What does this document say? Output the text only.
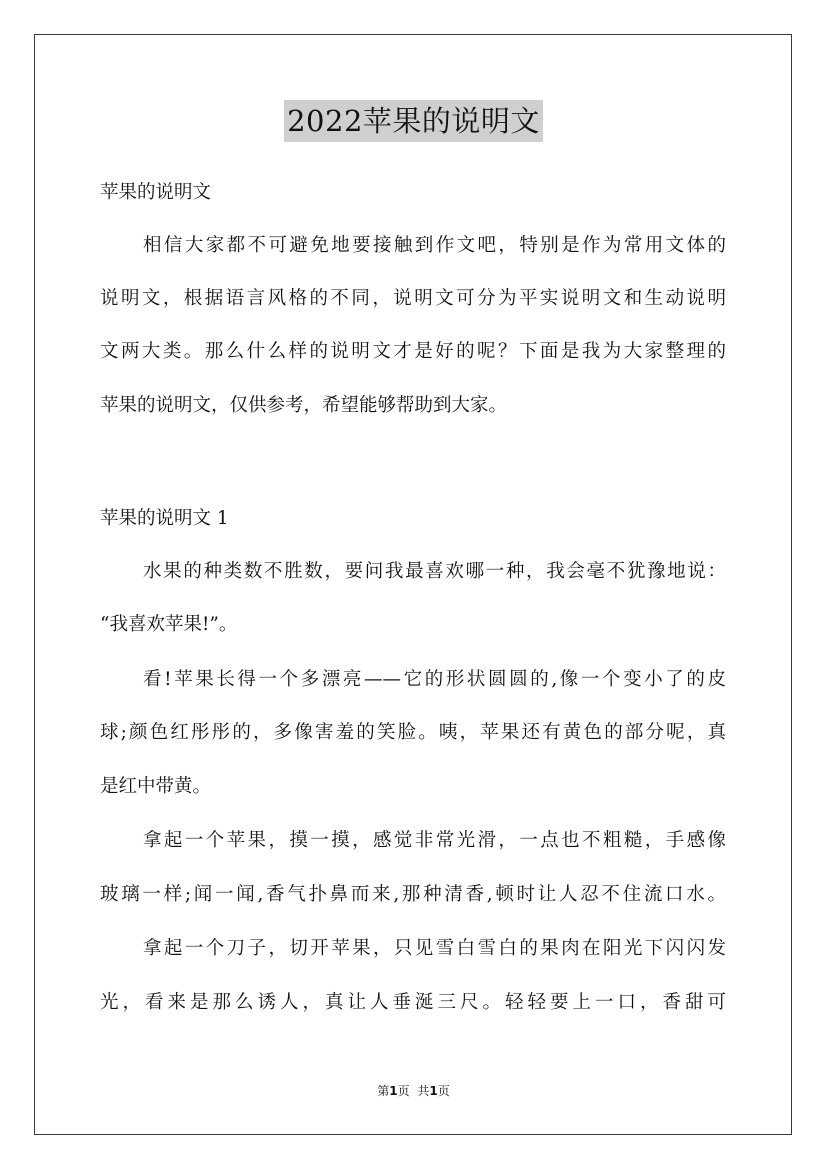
2022苹果的说明文
苹果的说明文
相信大家都不可避免地要接触到作文吧，特别是作为常用文体的
说明文，根据语言风格的不同，说明文可分为平实说明文和生动说明
文两大类。那么什么样的说明文才是好的呢？下面是我为大家整理的
苹果的说明文，仅供参考，希望能够帮助到大家。
苹果的说明文 1
水果的种类数不胜数，要问我最喜欢哪一种，我会毫不犹豫地说：
“我喜欢苹果!”。
看!苹果长得一个多漂亮——它的形状圆圆的,像一个变小了的皮
球;颜色红彤彤的，多像害羞的笑脸。咦，苹果还有黄色的部分呢，真
是红中带黄。
拿起一个苹果，摸一摸，感觉非常光滑，一点也不粗糙，手感像
玻璃一样;闻一闻,香气扑鼻而来,那种清香,顿时让人忍不住流口水。
拿起一个刀子，切开苹果，只见雪白雪白的果肉在阳光下闪闪发
光，看来是那么诱人，真让人垂涎三尺。轻轻要上一口，香甜可
第1页 共1页
